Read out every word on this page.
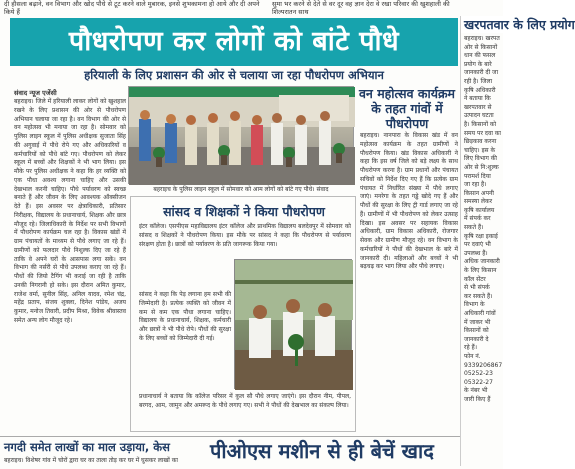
दी हौसला बढ़ाने, वन विभाग और खोद पौधे से टूट करने वाले मुबारक, इनसे शुभकामना हो आये और दी अपने किये हैं
सुमा भर करने से देते से वर दूर वह ज्ञान देरा वे रखा परिवार की खुशहाली की शिल्परातन साथ
पौधरोपण कर लोगों को बांटे पौधे
हरियाली के लिए प्रशासन की ओर से चलाया जा रहा पौधरोपण अभियान
संवाद न्यूज एजेंसी
बहराइच। जिले में हरियाली लाकर लोगों को खुशहाल रखने के लिए प्रशासन की ओर से पौधरोपण अभियान चलाया जा रहा है। वन विभाग की ओर से वन महोत्सव भी मनाया जा रहा है। सोमवार को पुलिस लाइन स्कूल में पुलिस अधीक्षक सुजाता सिंह की अगुवाई में पौधे रोपे गए और अधिकारियों व कर्मचारियों को पौधे बांटे गए। पौधरोपण को लेकर स्कूल में बच्चों और शिक्षकों ने भी भाग लिया। इस मौके पर पुलिस अधीक्षक ने कहा कि हर व्यक्ति को एक पौधा अवश्य लगाना चाहिए और उसकी देखभाल करनी चाहिए। पौधे पर्यावरण को स्वच्छ बनाते हैं और जीवन के लिए आवश्यक ऑक्सीजन देते हैं। इस अवसर पर क्षेत्राधिकारी, प्रतिसार निरीक्षक, विद्यालय के प्रधानाचार्य, शिक्षक और छात्र मौजूद रहे। जिलाधिकारी के निर्देश पर सभी विभागों में पौधरोपण कार्यक्रम चल रहा है। विकास खंडों में ग्राम पंचायतों के माध्यम से पौधे लगाए जा रहे हैं। ग्रामीणों को फलदार पौधे निशुल्क दिए जा रहे हैं ताकि वे अपने घरों के आसपास लगा सकें। वन विभाग की नर्सरी से पौधे उपलब्ध कराए जा रहे हैं। पौधों की जियो टैगिंग भी कराई जा रही है ताकि उनकी निगरानी हो सके। इस दौरान अमित कुमार, राजेश वर्मा, सुनील सिंह, अनिल यादव, रमेश चंद्र, महेंद्र प्रताप, संजय शुक्ला, दिनेश पांडेय, अजय कुमार, मनोज तिवारी, प्रदीप मिश्रा, विवेक श्रीवास्तव समेत अन्य लोग मौजूद रहे।
बहराइच के पुलिस लाइन स्कूल में सोमवार को आम लोगों को बांटे गए पौधे। संवाद
वन महोत्सव कार्यक्रम के तहत गांवों में पौधरोपण
बहराइच। नानपारा के विकास खंड में वन महोत्सव कार्यक्रम के तहत ग्रामीणों ने पौधरोपण किया। खंड विकास अधिकारी ने कहा कि इस वर्ष जिले को बड़े लक्ष्य के साथ पौधरोपण करना है। ग्राम प्रधानों और पंचायत सचिवों को निर्देश दिए गए हैं कि प्रत्येक ग्राम पंचायत में निर्धारित संख्या में पौधे लगाए जाएं। मनरेगा के तहत गड्ढे खोदे गए हैं और पौधों की सुरक्षा के लिए ट्री गार्ड लगाए जा रहे हैं। ग्रामीणों में भी पौधरोपण को लेकर उत्साह दिखा। इस अवसर पर सहायक विकास अधिकारी, ग्राम विकास अधिकारी, रोजगार सेवक और ग्रामीण मौजूद रहे। वन विभाग के कर्मचारियों ने पौधों की देखभाल के बारे में जानकारी दी। महिलाओं और बच्चों ने भी बढ़चढ़ कर भाग लिया और पौधे लगाए।
सांसद व शिक्षकों ने किया पौधरोपण
इंटर कॉलेज। एसपीएस महाविद्यालय इंटर कॉलेज और प्राथमिक विद्यालय बलदेवपुर में सोमवार को सांसद व शिक्षकों ने पौधरोपण किया। इस मौके पर सांसद ने कहा कि पौधरोपण से पर्यावरण संरक्षण होता है। छात्रों को पर्यावरण के प्रति जागरूक किया गया।
सांसद ने कहा कि पेड़ लगाना हम सभी की जिम्मेदारी है। प्रत्येक व्यक्ति को जीवन में कम से कम एक पौधा लगाना चाहिए। विद्यालय के प्रधानाचार्य, शिक्षक, कर्मचारी और छात्रों ने भी पौधे रोपे। पौधों की सुरक्षा के लिए बच्चों को जिम्मेदारी दी गई।
प्रधानाचार्य ने बताया कि कॉलेज परिसर में कुल सौ पौधे लगाए जाएंगे। इस दौरान नीम, पीपल, बरगद, आम, जामुन और अमरूद के पौधे लगाए गए। सभी ने पौधों की देखभाल का संकल्प लिया।
खरपतवार के लिए प्रयोग
बहराइच। खरपत
ओर से किसानों
धान की फसल
प्रयोग के बारे
जानकारी दी जा
रही है। जिला
कृषि अधिकारी
ने बताया कि
खरपतवार से
उत्पादन घटता
है। किसानों को
समय पर दवा का
छिड़काव करना
चाहिए। इस के
लिए विभाग की
ओर से नि:शुल्क
परामर्श दिया
जा रहा है।
किसान अपनी
समस्या लेकर
कृषि कार्यालय
में संपर्क कर
सकते हैं।
कृषि रक्षा इकाई
पर दवाएं भी
उपलब्ध हैं।
अधिक जानकारी
के लिए किसान
कॉल सेंटर
से भी संपर्क
कर सकते हैं।
विभाग के
अधिकारी गांवों
में जाकर भी
किसानों को
जानकारी दे
रहे हैं।
फोन नं.
9339206867
05252-23
05322-27
के नंबर भी
जारी किए हैं
नगदी समेत लाखों का माल उड़ाया, केस
बहराइच। विशेषर गांव में चोरों द्वारा घर का ताला तोड़ कर घर में घुसकर लाखों का	पीओएस मशीन से ही बेचें खाद
